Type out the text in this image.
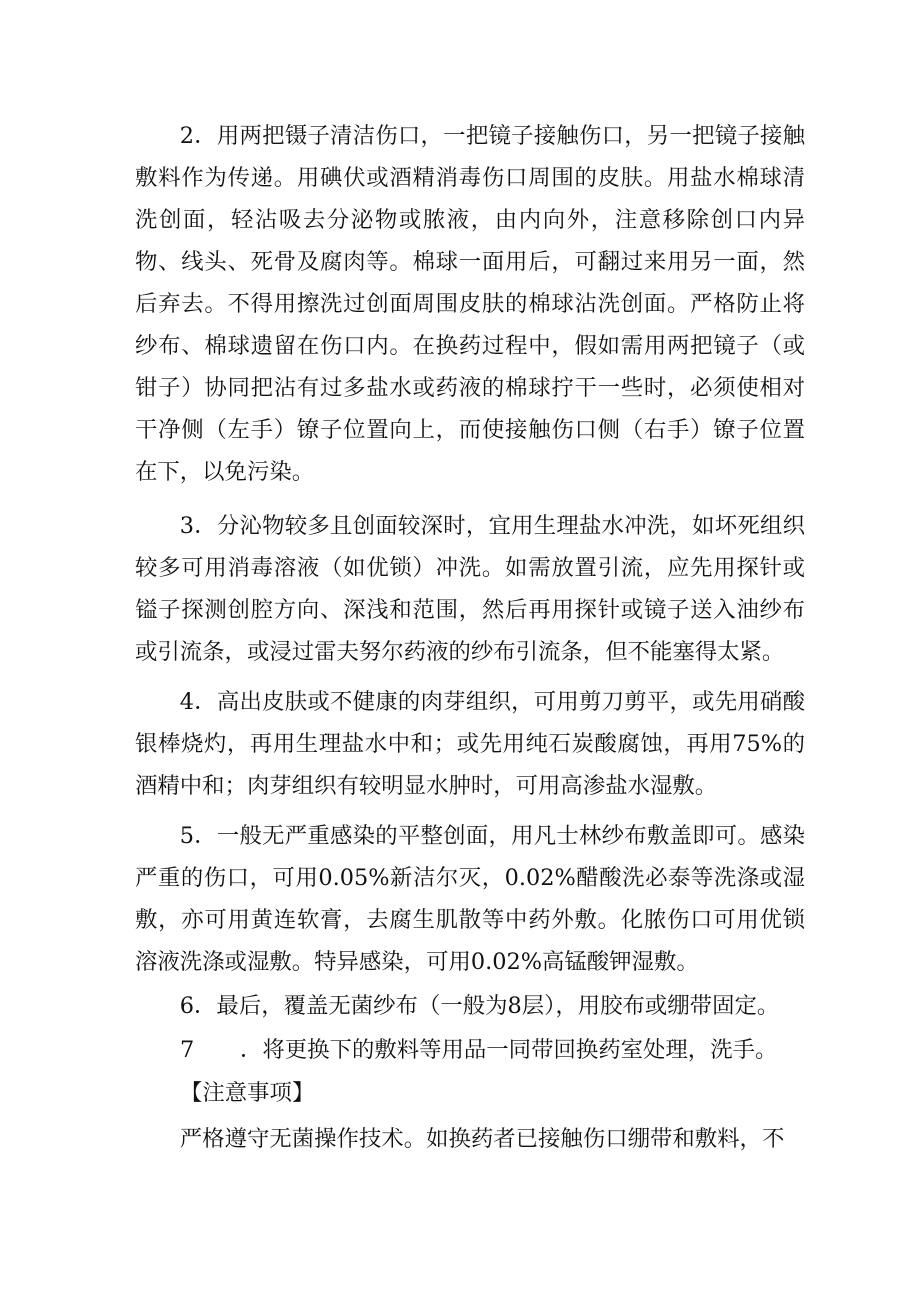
2．用两把镊子清洁伤口，一把镜子接触伤口，另一把镜子接触敷料作为传递。用碘伏或酒精消毒伤口周围的皮肤。用盐水棉球清洗创面，轻沾吸去分泌物或脓液，由内向外，注意移除创口内异物、线头、死骨及腐肉等。棉球一面用后，可翻过来用另一面，然后弃去。不得用擦洗过创面周围皮肤的棉球沾洗创面。严格防止将纱布、棉球遗留在伤口内。在换药过程中，假如需用两把镜子（或钳子）协同把沾有过多盐水或药液的棉球拧干一些时，必须使相对干净侧（左手）镣子位置向上，而使接触伤口侧（右手）镣子位置在下，以免污染。

3．分沁物较多且创面较深时，宜用生理盐水冲洗，如坏死组织较多可用消毒溶液（如优锁）冲洗。如需放置引流，应先用探针或镒子探测创腔方向、深浅和范围，然后再用探针或镜子送入油纱布或引流条，或浸过雷夫努尔药液的纱布引流条，但不能塞得太紧。

4．高出皮肤或不健康的肉芽组织，可用剪刀剪平，或先用硝酸银棒烧灼，再用生理盐水中和；或先用纯石炭酸腐蚀，再用75%的酒精中和；肉芽组织有较明显水肿时，可用高渗盐水湿敷。

5．一般无严重感染的平整创面，用凡士林纱布敷盖即可。感染严重的伤口，可用0.05%新洁尔灭，0.02%醋酸洗必泰等洗涤或湿敷，亦可用黄连软膏，去腐生肌散等中药外敷。化脓伤口可用优锁溶液洗涤或湿敷。特异感染，可用0.02%高锰酸钾湿敷。

6．最后，覆盖无菌纱布（一般为8层），用胶布或绷带固定。

7 ．将更换下的敷料等用品一同带回换药室处理，洗手。

【注意事项】

严格遵守无菌操作技术。如换药者已接触伤口绷带和敷料，不
